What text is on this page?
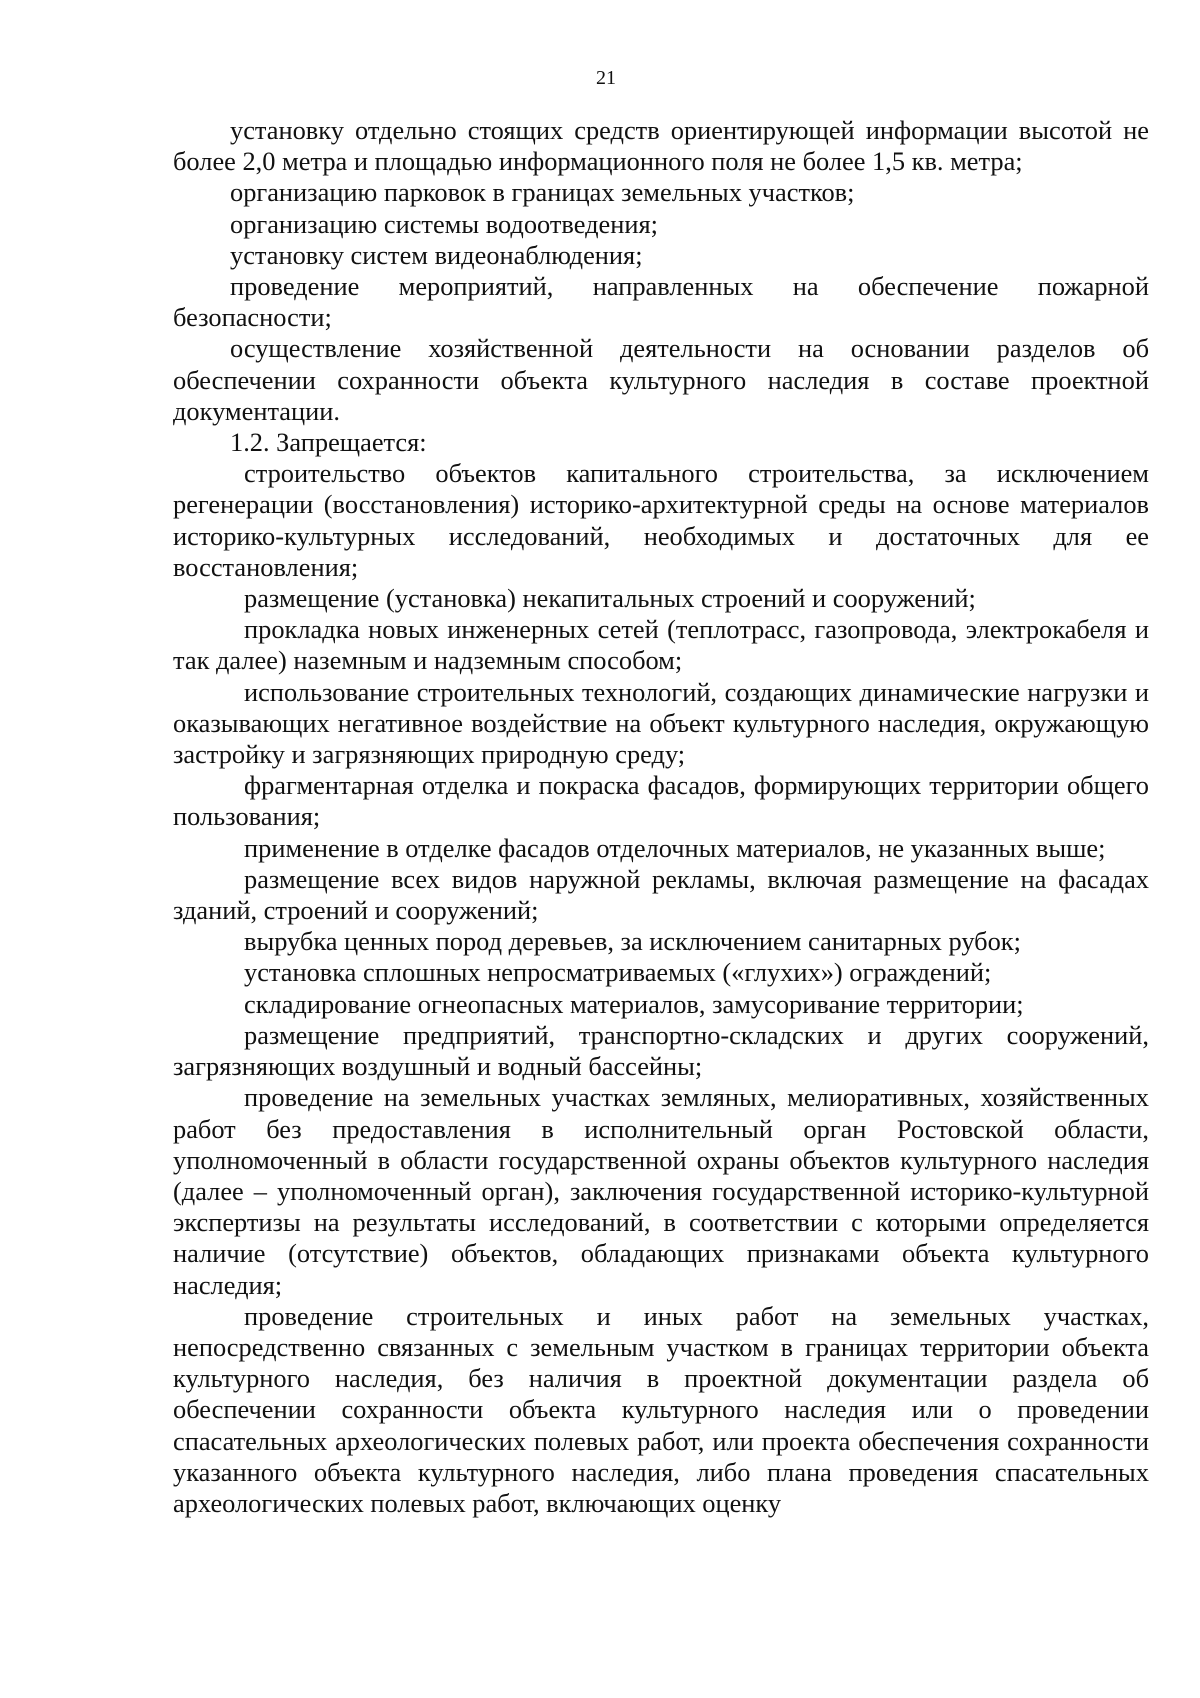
21

установку отдельно стоящих средств ориентирующей информации высотой не более 2,0 метра и площадью информационного поля не более 1,5 кв. метра;

организацию парковок в границах земельных участков;

организацию системы водоотведения;

установку систем видеонаблюдения;

проведение мероприятий, направленных на обеспечение пожарной безопасности;

осуществление хозяйственной деятельности на основании разделов об обеспечении сохранности объекта культурного наследия в составе проектной документации.

1.2. Запрещается:

строительство объектов капитального строительства, за исключением регенерации (восстановления) историко-архитектурной среды на основе материалов историко-культурных исследований, необходимых и достаточных для ее восстановления;

размещение (установка) некапитальных строений и сооружений;

прокладка новых инженерных сетей (теплотрасс, газопровода, электрокабеля и так далее) наземным и надземным способом;

использование строительных технологий, создающих динамические нагрузки и оказывающих негативное воздействие на объект культурного наследия, окружающую застройку и загрязняющих природную среду;

фрагментарная отделка и покраска фасадов, формирующих территории общего пользования;

применение в отделке фасадов отделочных материалов, не указанных выше;

размещение всех видов наружной рекламы, включая размещение на фасадах зданий, строений и сооружений;

вырубка ценных пород деревьев, за исключением санитарных рубок;

установка сплошных непросматриваемых («глухих») ограждений;

складирование огнеопасных материалов, замусоривание территории;

размещение предприятий, транспортно-складских и других сооружений, загрязняющих воздушный и водный бассейны;

проведение на земельных участках земляных, мелиоративных, хозяйственных работ без предоставления в исполнительный орган Ростовской области, уполномоченный в области государственной охраны объектов культурного наследия (далее – уполномоченный орган), заключения государственной историко-культурной экспертизы на результаты исследований, в соответствии с которыми определяется наличие (отсутствие) объектов, обладающих признаками объекта культурного наследия;

проведение строительных и иных работ на земельных участках, непосредственно связанных с земельным участком в границах территории объекта культурного наследия, без наличия в проектной документации раздела об обеспечении сохранности объекта культурного наследия или о проведении спасательных археологических полевых работ, или проекта обеспечения сохранности указанного объекта культурного наследия, либо плана проведения спасательных археологических полевых работ, включающих оценку
